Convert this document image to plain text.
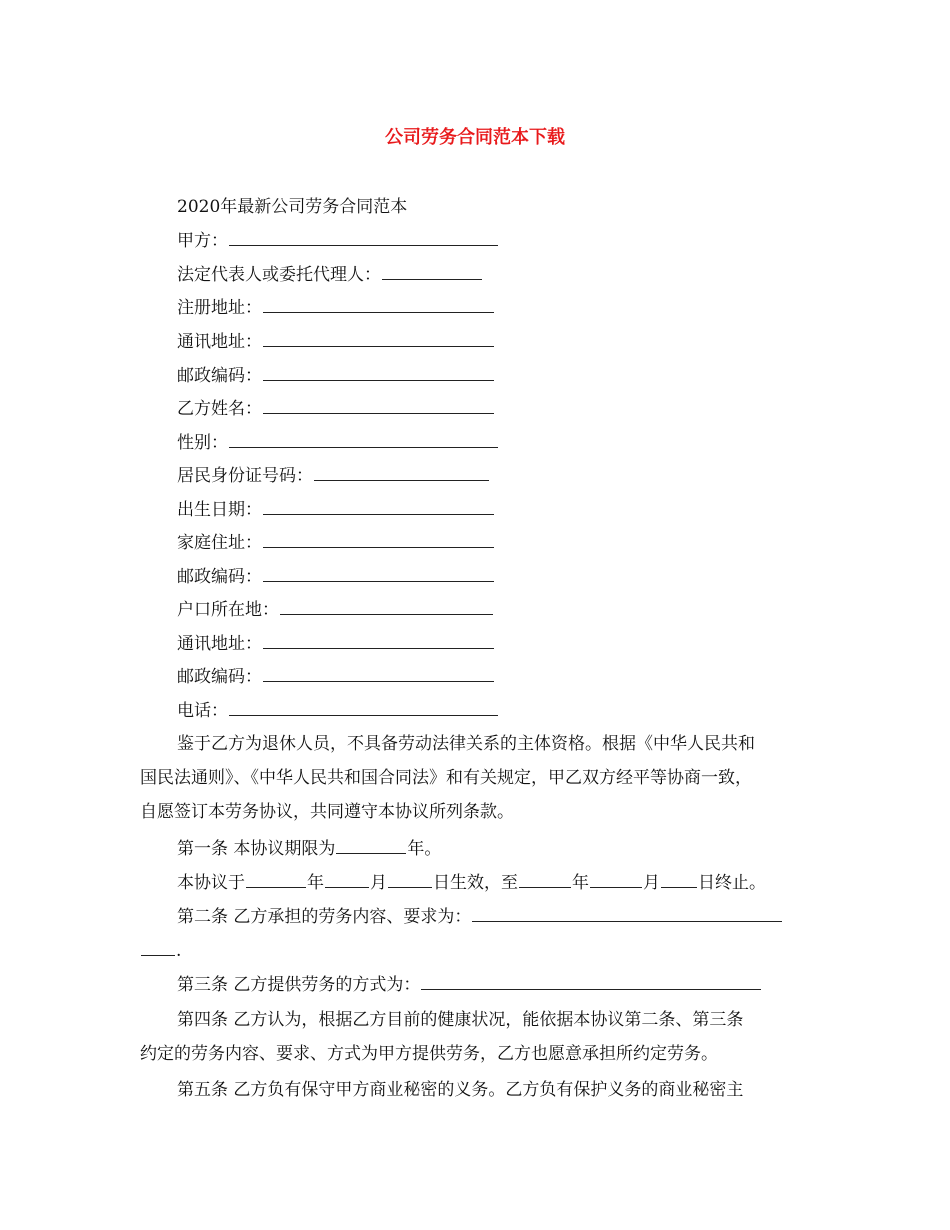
公司劳务合同范本下载
2020年最新公司劳务合同范本
甲方：
法定代表人或委托代理人：
注册地址：
通讯地址：
邮政编码：
乙方姓名：
性别：
居民身份证号码：
出生日期：
家庭住址：
邮政编码：
户口所在地：
通讯地址：
邮政编码：
电话：
鉴于乙方为退休人员，不具备劳动法律关系的主体资格。根据《中华人民共和
国民法通则》、《中华人民共和国合同法》和有关规定，甲乙双方经平等协商一致，
自愿签订本劳务协议，共同遵守本协议所列条款。
第一条 本协议期限为	年。
本协议于	年	月	日生效，至	年	月 日终止。
第二条 乙方承担的劳务内容、要求为：
.
第三条 乙方提供劳务的方式为：
第四条 乙方认为，根据乙方目前的健康状况，能依据本协议第二条、第三条
约定的劳务内容、要求、方式为甲方提供劳务，乙方也愿意承担所约定劳务。
第五条 乙方负有保守甲方商业秘密的义务。乙方负有保护义务的商业秘密主
